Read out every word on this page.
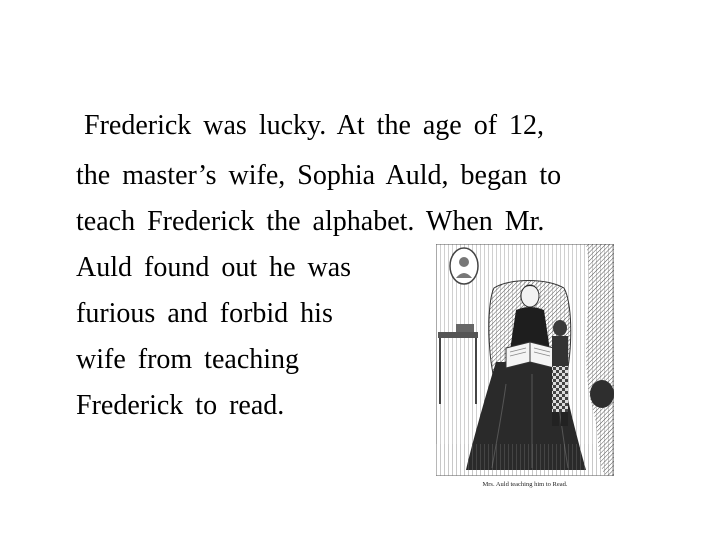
Frederick was lucky. At the age of 12,
the master’s wife, Sophia Auld, began to
teach Frederick the alphabet. When Mr.
Auld found out he was
furious and forbid his
wife from teaching
Frederick to read.
Mrs. Auld teaching him to Read.
